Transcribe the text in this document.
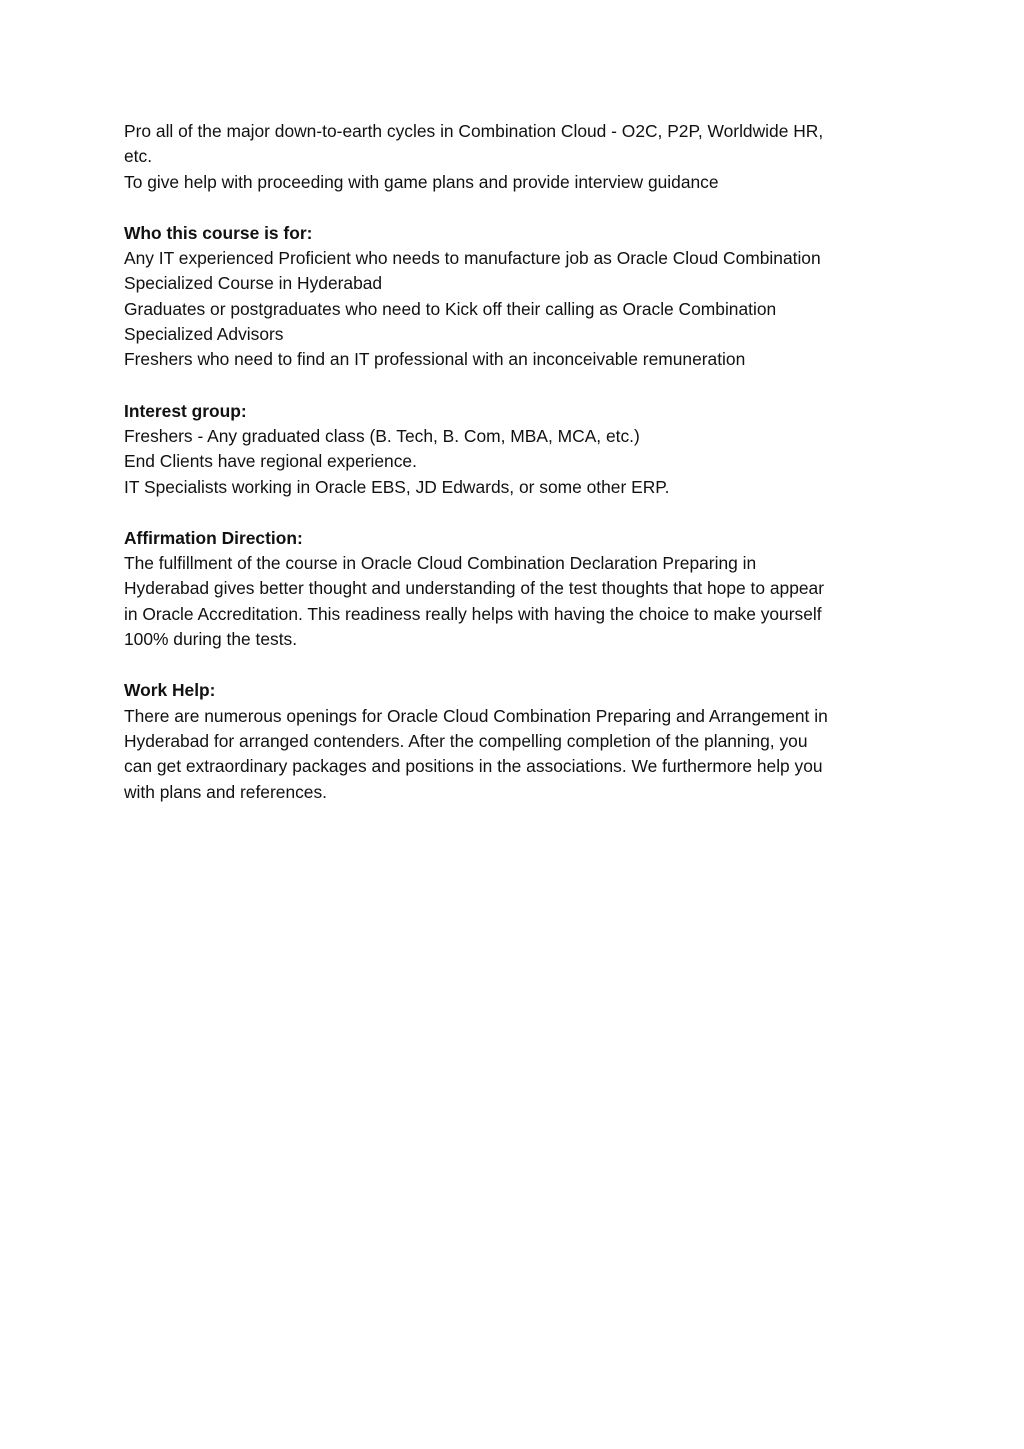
Pro all of the major down-to-earth cycles in Combination Cloud - O2C, P2P, Worldwide HR,
etc.
To give help with proceeding with game plans and provide interview guidance
Who this course is for:
Any IT experienced Proficient who needs to manufacture job as Oracle Cloud Combination
Specialized Course in Hyderabad
Graduates or postgraduates who need to Kick off their calling as Oracle Combination
Specialized Advisors
Freshers who need to find an IT professional with an inconceivable remuneration
Interest group:
Freshers - Any graduated class (B. Tech, B. Com, MBA, MCA, etc.)
End Clients have regional experience.
IT Specialists working in Oracle EBS, JD Edwards, or some other ERP.
Affirmation Direction:
The fulfillment of the course in Oracle Cloud Combination Declaration Preparing in
Hyderabad gives better thought and understanding of the test thoughts that hope to appear
in Oracle Accreditation. This readiness really helps with having the choice to make yourself
100% during the tests.
Work Help:
There are numerous openings for Oracle Cloud Combination Preparing and Arrangement in
Hyderabad for arranged contenders. After the compelling completion of the planning, you
can get extraordinary packages and positions in the associations. We furthermore help you
with plans and references.
